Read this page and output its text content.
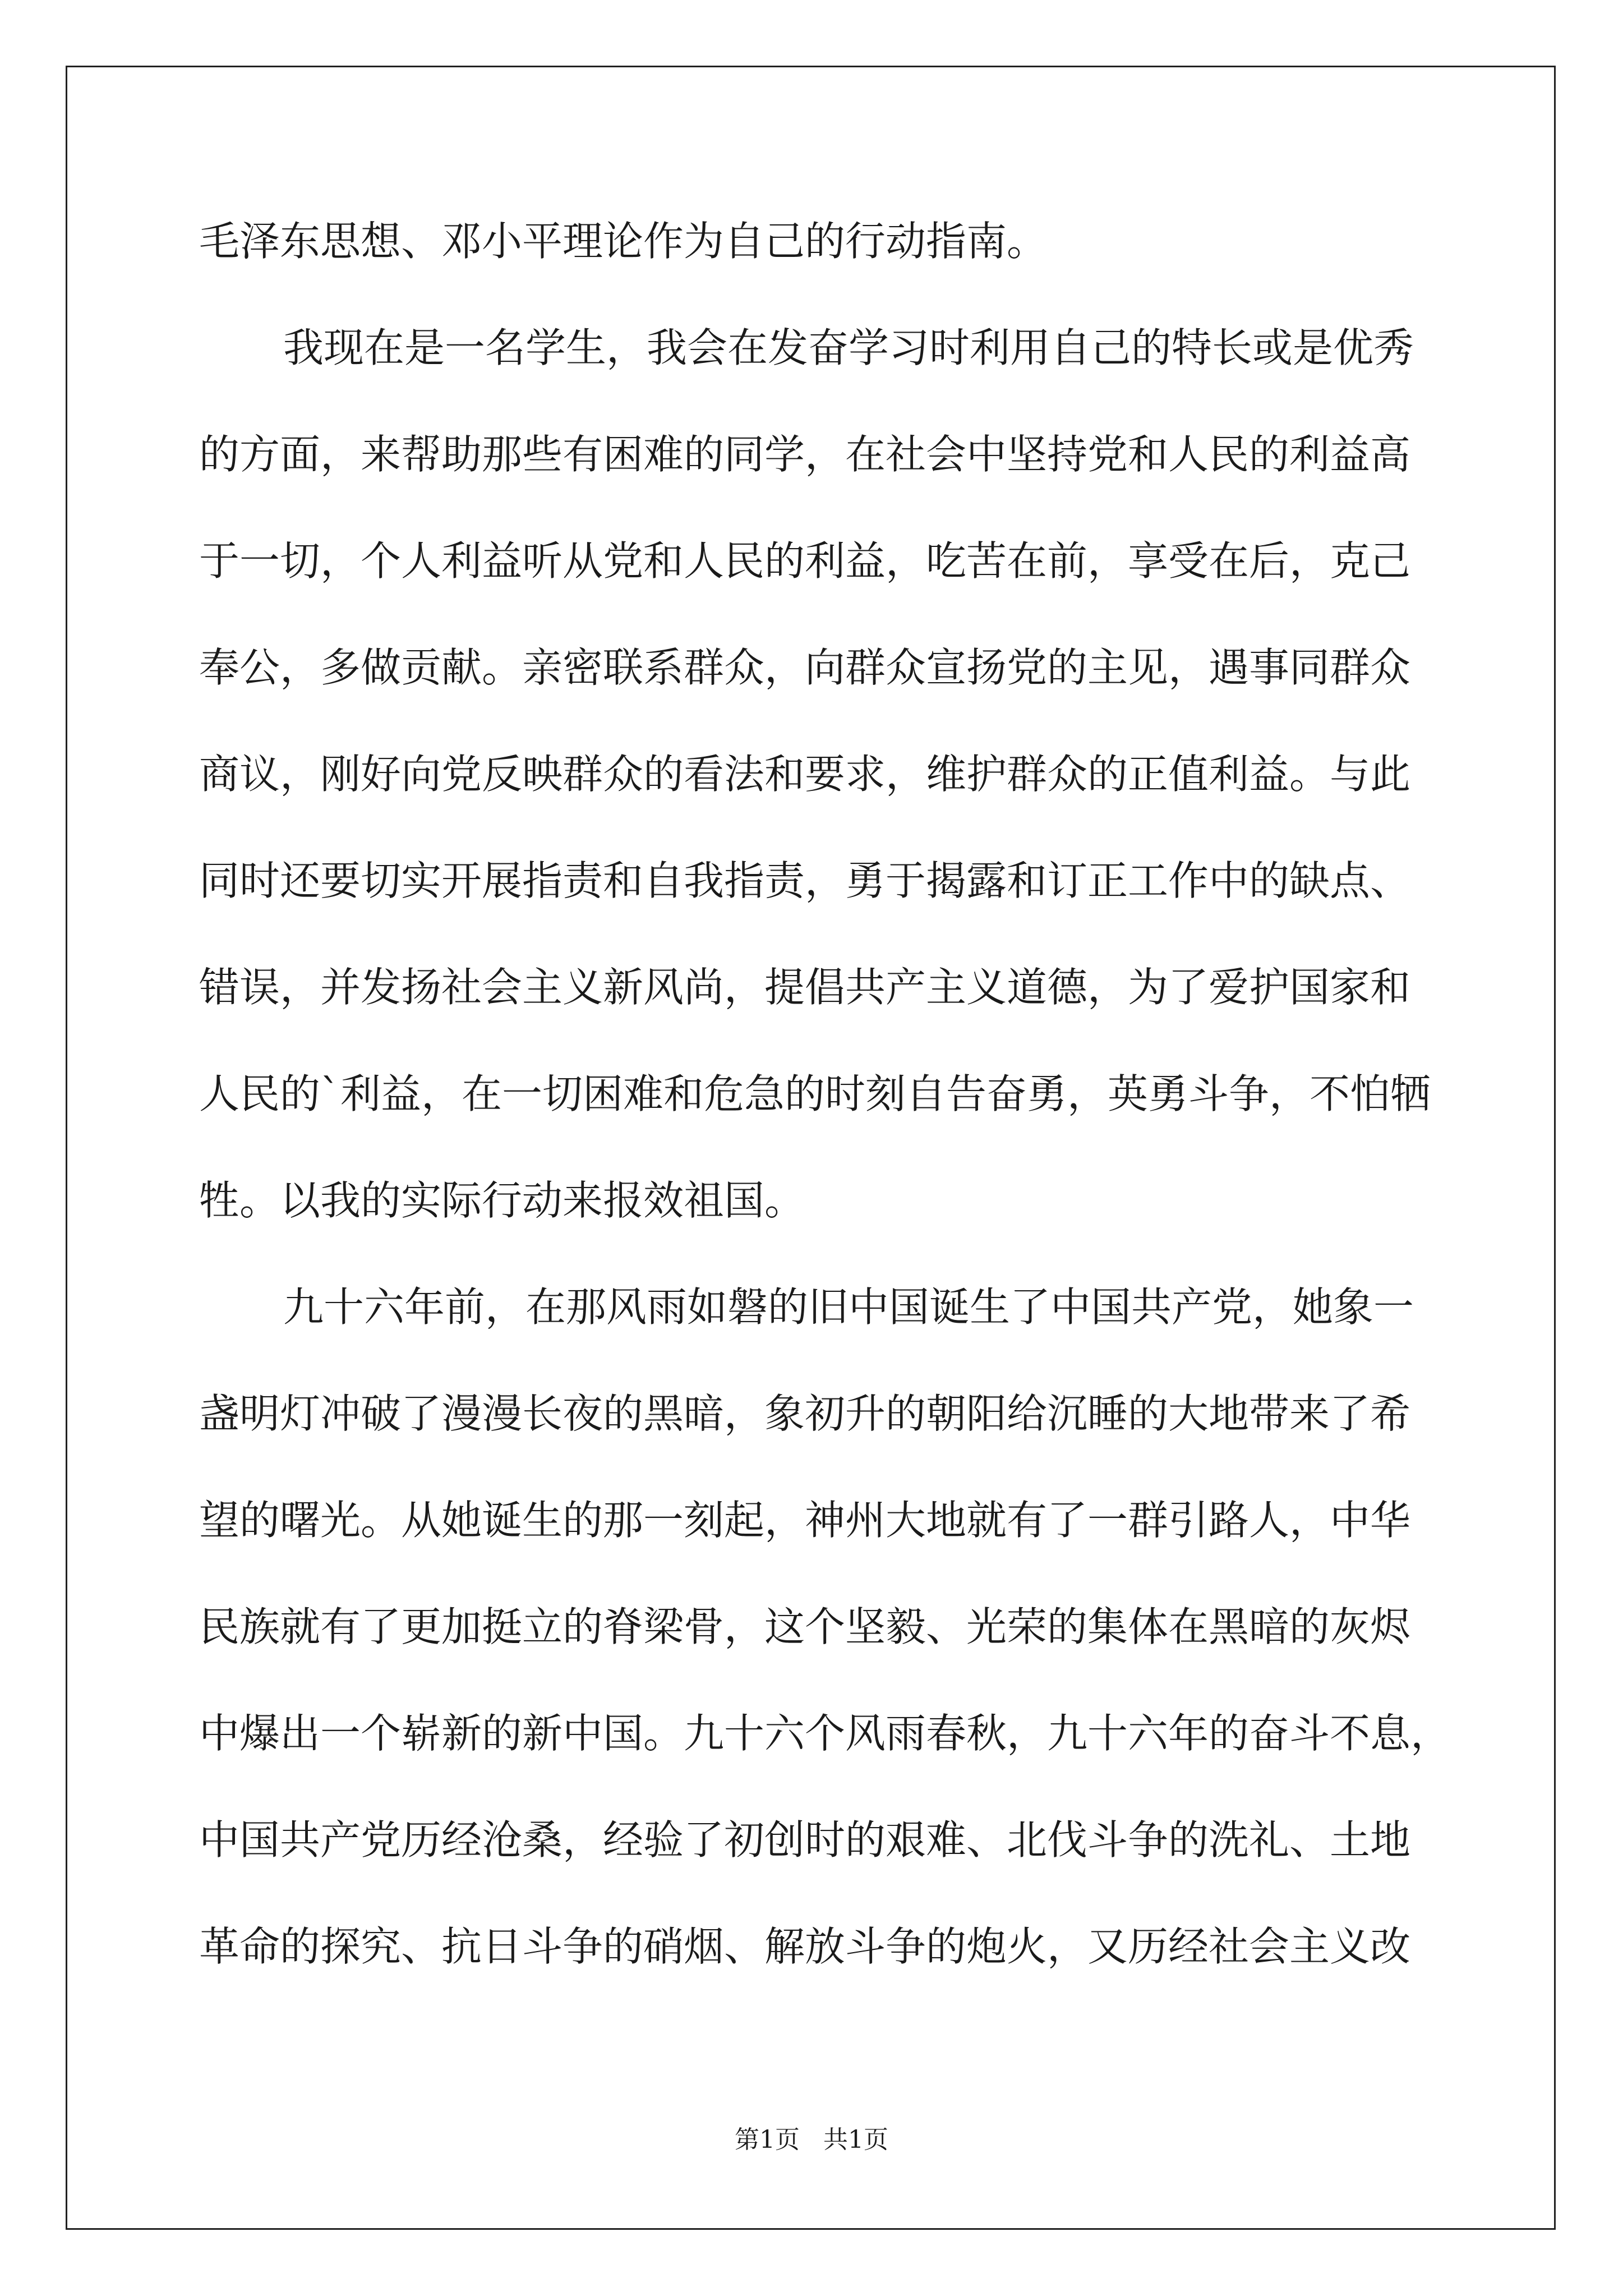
毛泽东思想、邓小平理论作为自己的行动指南。

我现在是一名学生，我会在发奋学习时利用自己的特长或是优秀

的方面，来帮助那些有困难的同学，在社会中坚持党和人民的利益高

于一切，个人利益听从党和人民的利益，吃苦在前，享受在后，克己

奉公，多做贡献。亲密联系群众，向群众宣扬党的主见，遇事同群众

商议，刚好向党反映群众的看法和要求，维护群众的正值利益。与此

同时还要切实开展指责和自我指责，勇于揭露和订正工作中的缺点、

错误，并发扬社会主义新风尚，提倡共产主义道德，为了爱护国家和

人民的`利益，在一切困难和危急的时刻自告奋勇，英勇斗争，不怕牺

牲。以我的实际行动来报效祖国。

九十六年前，在那风雨如磐的旧中国诞生了中国共产党，她象一

盏明灯冲破了漫漫长夜的黑暗，象初升的朝阳给沉睡的大地带来了希

望的曙光。从她诞生的那一刻起，神州大地就有了一群引路人，中华

民族就有了更加挺立的脊梁骨，这个坚毅、光荣的集体在黑暗的灰烬

中爆出一个崭新的新中国。九十六个风雨春秋，九十六年的奋斗不息，

中国共产党历经沧桑，经验了初创时的艰难、北伐斗争的洗礼、土地

革命的探究、抗日斗争的硝烟、解放斗争的炮火，又历经社会主义改

第1页   共1页
